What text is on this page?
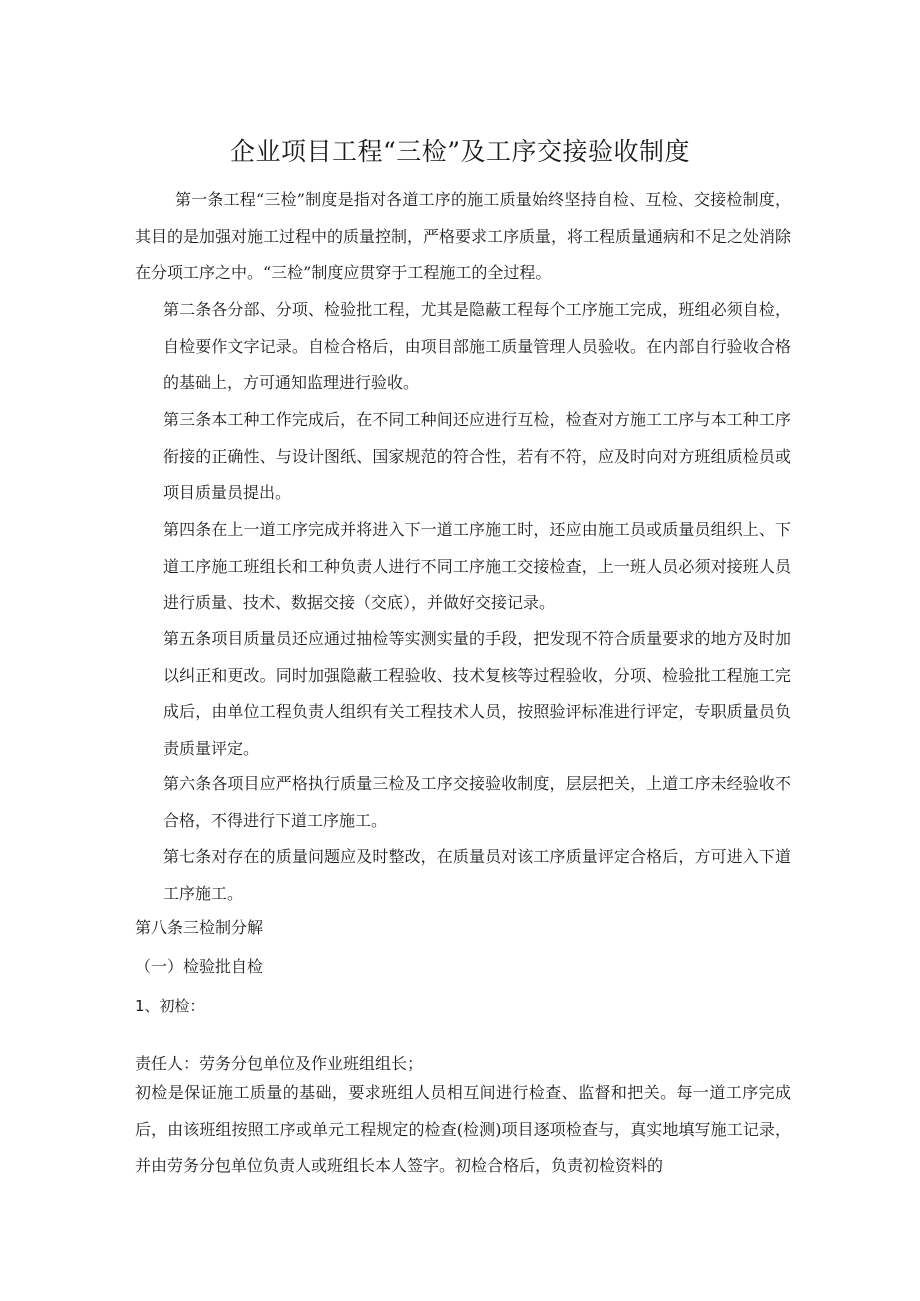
企业项目工程“三检”及工序交接验收制度

第一条工程“三检”制度是指对各道工序的施工质量始终坚持自检、互检、交接检制度，其目的是加强对施工过程中的质量控制，严格要求工序质量，将工程质量通病和不足之处消除在分项工序之中。“三检”制度应贯穿于工程施工的全过程。

第二条各分部、分项、检验批工程，尤其是隐蔽工程每个工序施工完成，班组必须自检，自检要作文字记录。自检合格后，由项目部施工质量管理人员验收。在内部自行验收合格的基础上，方可通知监理进行验收。

第三条本工种工作完成后，在不同工种间还应进行互检，检查对方施工工序与本工种工序衔接的正确性、与设计图纸、国家规范的符合性，若有不符，应及时向对方班组质检员或项目质量员提出。

第四条在上一道工序完成并将进入下一道工序施工时，还应由施工员或质量员组织上、下道工序施工班组长和工种负责人进行不同工序施工交接检查，上一班人员必须对接班人员进行质量、技术、数据交接（交底），并做好交接记录。

第五条项目质量员还应通过抽检等实测实量的手段，把发现不符合质量要求的地方及时加以纠正和更改。同时加强隐蔽工程验收、技术复核等过程验收，分项、检验批工程施工完成后，由单位工程负责人组织有关工程技术人员，按照验评标准进行评定，专职质量员负责质量评定。

第六条各项目应严格执行质量三检及工序交接验收制度，层层把关，上道工序未经验收不合格，不得进行下道工序施工。

第七条对存在的质量问题应及时整改，在质量员对该工序质量评定合格后，方可进入下道工序施工。

第八条三检制分解
（一）检验批自检
1、初检：
责任人：劳务分包单位及作业班组组长；

初检是保证施工质量的基础，要求班组人员相互间进行检查、监督和把关。每一道工序完成后，由该班组按照工序或单元工程规定的检查(检测)项目逐项检查与，真实地填写施工记录，并由劳务分包单位负责人或班组长本人签字。初检合格后，负责初检资料的
